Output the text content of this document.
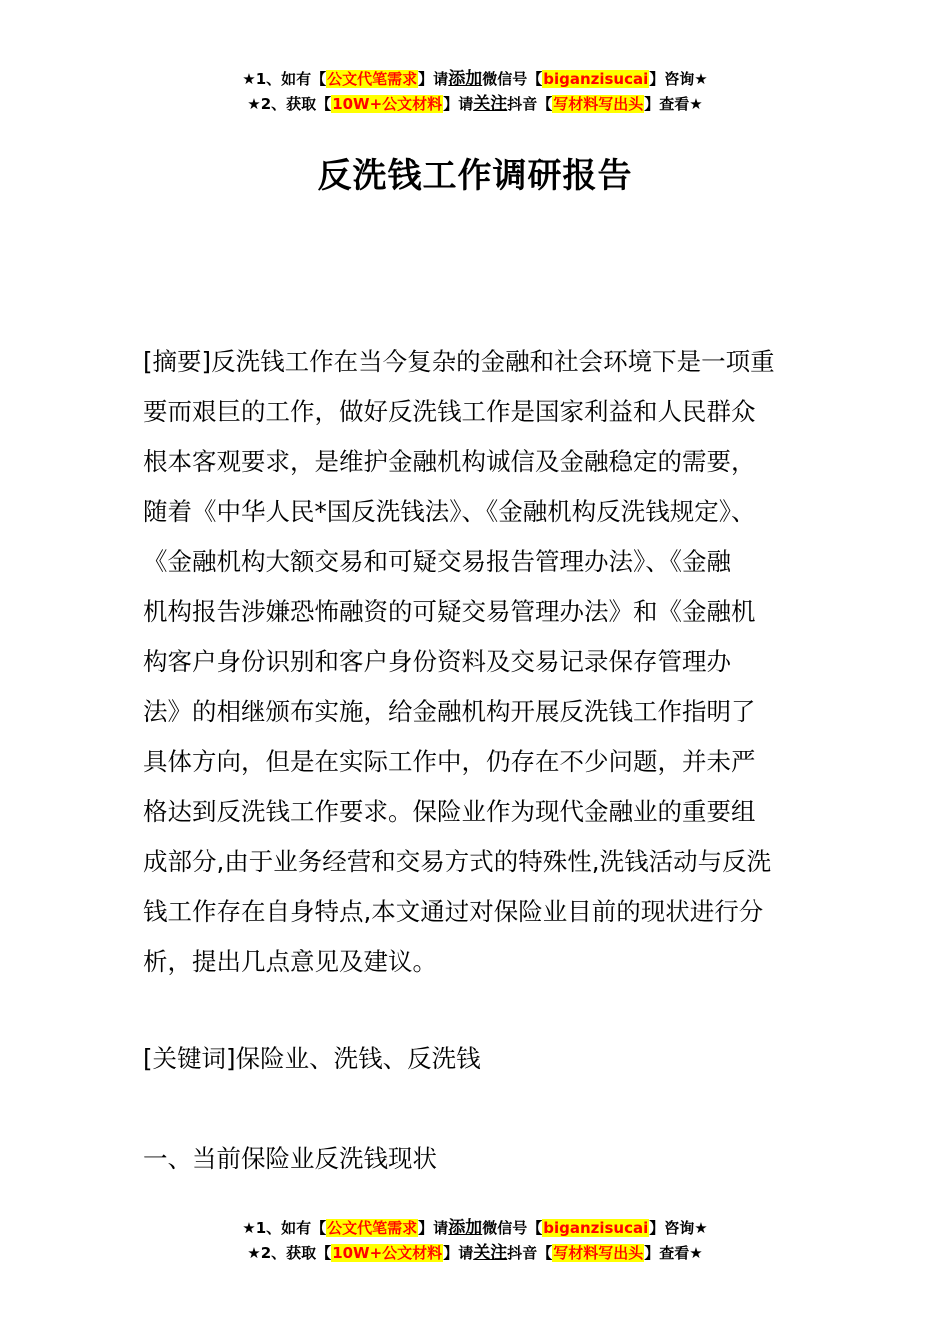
★1、如有【公文代笔需求】请添加微信号【biganzisucai】咨询★
★2、获取【10W+公文材料】请关注抖音【写材料写出头】查看★
反洗钱工作调研报告
[摘要]反洗钱工作在当今复杂的金融和社会环境下是一项重
要而艰巨的工作，做好反洗钱工作是国家利益和人民群众
根本客观要求，是维护金融机构诚信及金融稳定的需要，
随着《中华人民*国反洗钱法》、《金融机构反洗钱规定》、
《金融机构大额交易和可疑交易报告管理办法》、《金融
机构报告涉嫌恐怖融资的可疑交易管理办法》和《金融机
构客户身份识别和客户身份资料及交易记录保存管理办
法》的相继颁布实施，给金融机构开展反洗钱工作指明了
具体方向，但是在实际工作中，仍存在不少问题，并未严
格达到反洗钱工作要求。保险业作为现代金融业的重要组
成部分,由于业务经营和交易方式的特殊性,洗钱活动与反洗
钱工作存在自身特点,本文通过对保险业目前的现状进行分
析，提出几点意见及建议。
[关键词]保险业、洗钱、反洗钱
一、当前保险业反洗钱现状
★1、如有【公文代笔需求】请添加微信号【biganzisucai】咨询★
★2、获取【10W+公文材料】请关注抖音【写材料写出头】查看★
